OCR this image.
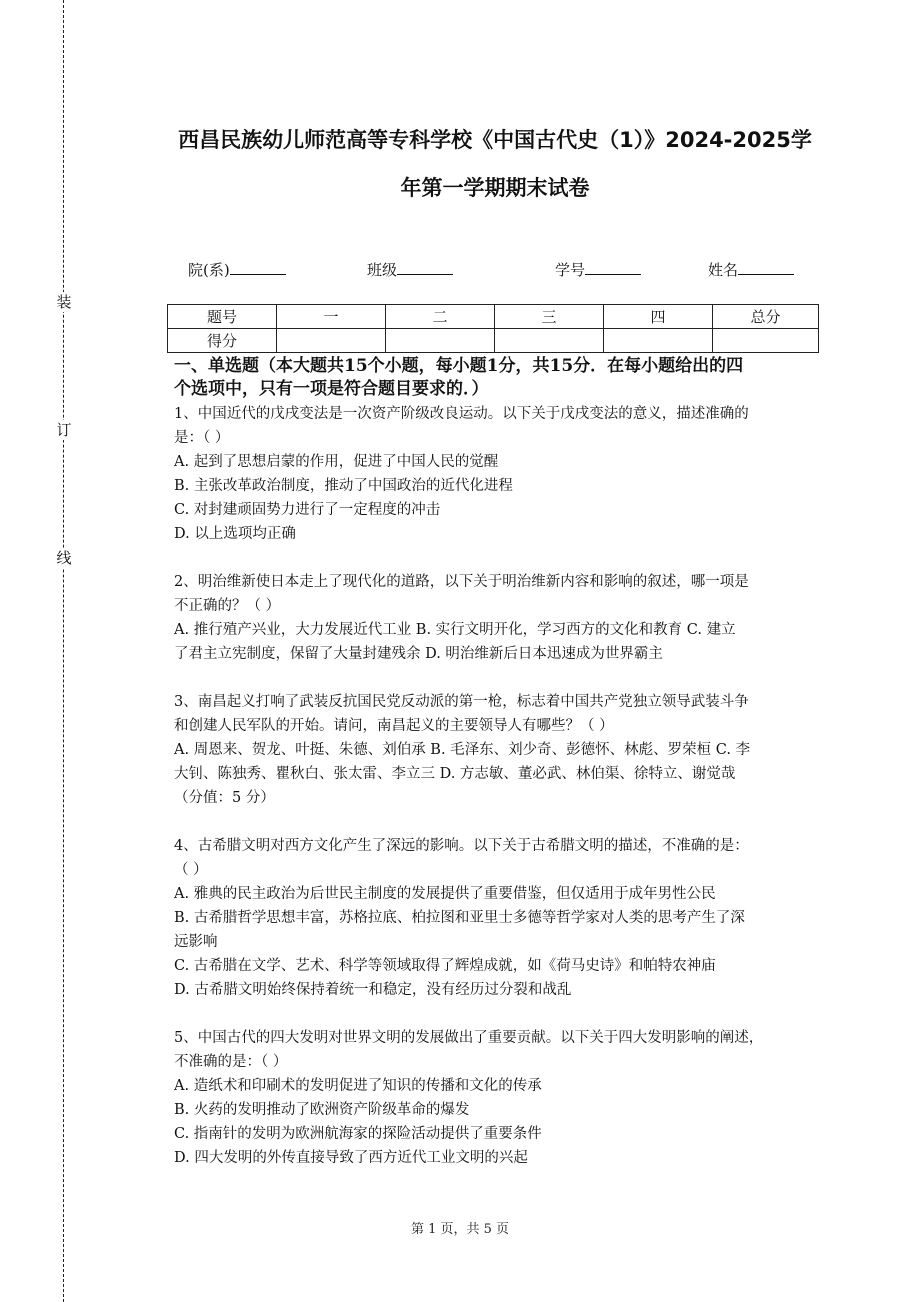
装
订
线
西昌民族幼儿师范高等专科学校《中国古代史（1）》2024-2025学
年第一学期期末试卷
院(系)	班级	学号	姓名
题号	一	二	三	四	总分
得分					

一、单选题（本大题共15个小题，每小题1分，共15分．在每小题给出的四

个选项中，只有一项是符合题目要求的．）

1、中国近代的戊戌变法是一次资产阶级改良运动。以下关于戊戌变法的意义，描述准确的

是：（ ）

A. 起到了思想启蒙的作用，促进了中国人民的觉醒

B. 主张改革政治制度，推动了中国政治的近代化进程

C. 对封建顽固势力进行了一定程度的冲击

D. 以上选项均正确

2、明治维新使日本走上了现代化的道路，以下关于明治维新内容和影响的叙述，哪一项是

不正确的？（ ）

A. 推行殖产兴业，大力发展近代工业 B. 实行文明开化，学习西方的文化和教育 C. 建立

了君主立宪制度，保留了大量封建残余 D. 明治维新后日本迅速成为世界霸主

3、南昌起义打响了武装反抗国民党反动派的第一枪，标志着中国共产党独立领导武装斗争

和创建人民军队的开始。请问，南昌起义的主要领导人有哪些？（ ）

A. 周恩来、贺龙、叶挺、朱德、刘伯承 B. 毛泽东、刘少奇、彭德怀、林彪、罗荣桓 C. 李

大钊、陈独秀、瞿秋白、张太雷、李立三 D. 方志敏、董必武、林伯渠、徐特立、谢觉哉

（分值：5 分）

4、古希腊文明对西方文化产生了深远的影响。以下关于古希腊文明的描述，不准确的是：

（ ）

A. 雅典的民主政治为后世民主制度的发展提供了重要借鉴，但仅适用于成年男性公民

B. 古希腊哲学思想丰富，苏格拉底、柏拉图和亚里士多德等哲学家对人类的思考产生了深

远影响

C. 古希腊在文学、艺术、科学等领域取得了辉煌成就，如《荷马史诗》和帕特农神庙

D. 古希腊文明始终保持着统一和稳定，没有经历过分裂和战乱

5、中国古代的四大发明对世界文明的发展做出了重要贡献。以下关于四大发明影响的阐述，

不准确的是：（ ）

A. 造纸术和印刷术的发明促进了知识的传播和文化的传承

B. 火药的发明推动了欧洲资产阶级革命的爆发

C. 指南针的发明为欧洲航海家的探险活动提供了重要条件

D. 四大发明的外传直接导致了西方近代工业文明的兴起

第 1 页，共 5 页
